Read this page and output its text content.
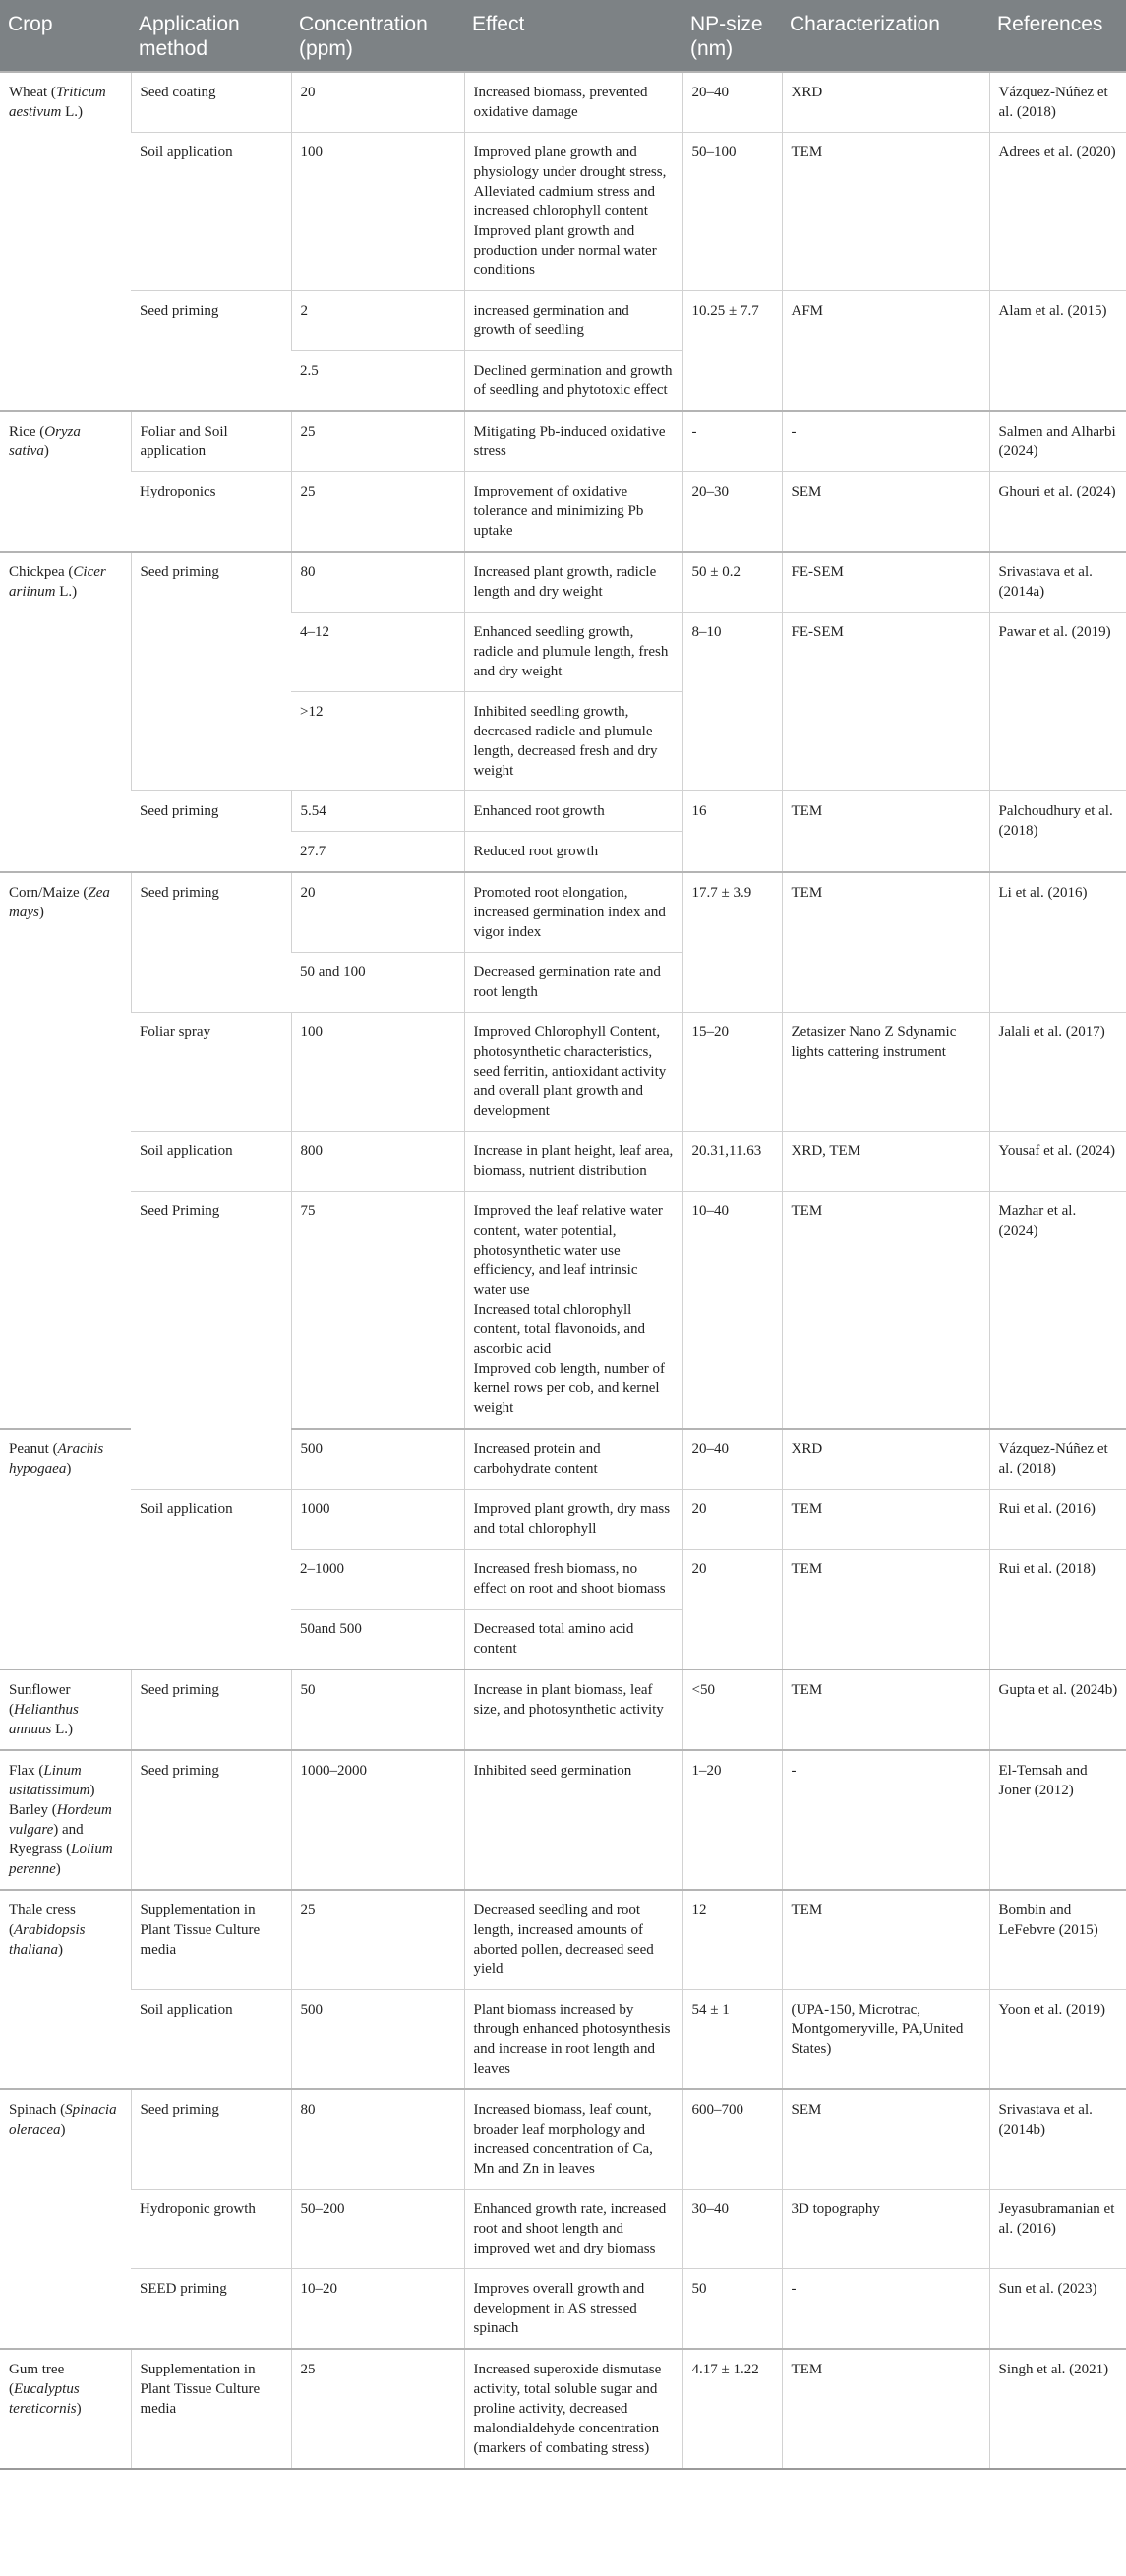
Crop	Application method	Concentration (ppm)	Effect	NP-size (nm)	Characterization	References
Wheat (Triticum aestivum L.)	Seed coating	20	Increased biomass, prevented oxidative damage	20–40	XRD	Vázquez-Núñez et al. (2018)
	Soil application	100	Improved plane growth and physiology under drought stress, Alleviated cadmium stress and increased chlorophyll content
Improved plant growth and production under normal water conditions	50–100	TEM	Adrees et al. (2020)
	Seed priming	2	increased germination and growth of seedling	10.25 ± 7.7	AFM	Alam et al. (2015)
		2.5	Declined germination and growth of seedling and phytotoxic effect			
Rice (Oryza sativa)	Foliar and Soil application	25	Mitigating Pb-induced oxidative stress	-	-	Salmen and Alharbi (2024)
	Hydroponics	25	Improvement of oxidative tolerance and minimizing Pb uptake	20–30	SEM	Ghouri et al. (2024)
Chickpea (Cicer ariinum L.)	Seed priming	80	Increased plant growth, radicle length and dry weight	50 ± 0.2	FE-SEM	Srivastava et al. (2014a)
		4–12	Enhanced seedling growth, radicle and plumule length, fresh and dry weight	8–10	FE-SEM	Pawar et al. (2019)
		>12	Inhibited seedling growth, decreased radicle and plumule length, decreased fresh and dry weight			
	Seed priming	5.54	Enhanced root growth	16	TEM	Palchoudhury et al. (2018)
		27.7	Reduced root growth			
Corn/Maize (Zea mays)	Seed priming	20	Promoted root elongation, increased germination index and vigor index	17.7 ± 3.9	TEM	Li et al. (2016)
		50 and 100	Decreased germination rate and root length			
	Foliar spray	100	Improved Chlorophyll Content, photosynthetic characteristics, seed ferritin, antioxidant activity and overall plant growth and development	15–20	Zetasizer Nano Z Sdynamic lights cattering instrument	Jalali et al. (2017)
	Soil application	800	Increase in plant height, leaf area, biomass, nutrient distribution	20.31,11.63	XRD, TEM	Yousaf et al. (2024)
	Seed Priming	75	Improved the leaf relative water content, water potential, photosynthetic water use efficiency, and leaf intrinsic water use
Increased total chlorophyll content, total flavonoids, and ascorbic acid
Improved cob length, number of kernel rows per cob, and kernel weight	10–40	TEM	Mazhar et al. (2024)
Peanut (Arachis hypogaea)		500	Increased protein and carbohydrate content	20–40	XRD	Vázquez-Núñez et al. (2018)
	Soil application	1000	Improved plant growth, dry mass and total chlorophyll	20	TEM	Rui et al. (2016)
		2–1000	Increased fresh biomass, no effect on root and shoot biomass	20	TEM	Rui et al. (2018)
		50and 500	Decreased total amino acid content			
Sunflower (Helianthus annuus L.)	Seed priming	50	Increase in plant biomass, leaf size, and photosynthetic activity	<50	TEM	Gupta et al. (2024b)
Flax (Linum usitatissimum) Barley (Hordeum vulgare) and Ryegrass (Lolium perenne)	Seed priming	1000–2000	Inhibited seed germination	1–20	-	El-Temsah and Joner (2012)
Thale cress (Arabidopsis thaliana)	Supplementation in Plant Tissue Culture media	25	Decreased seedling and root length, increased amounts of aborted pollen, decreased seed yield	12	TEM	Bombin and LeFebvre (2015)
	Soil application	500	Plant biomass increased by through enhanced photosynthesis and increase in root length and leaves	54 ± 1	(UPA-150, Microtrac, Montgomeryville, PA,United States)	Yoon et al. (2019)
Spinach (Spinacia oleracea)	Seed priming	80	Increased biomass, leaf count, broader leaf morphology and increased concentration of Ca, Mn and Zn in leaves	600–700	SEM	Srivastava et al. (2014b)
	Hydroponic growth	50–200	Enhanced growth rate, increased root and shoot length and improved wet and dry biomass	30–40	3D topography	Jeyasubramanian et al. (2016)
	SEED priming	10–20	Improves overall growth and development in AS stressed spinach	50	-	Sun et al. (2023)
Gum tree (Eucalyptus tereticornis)	Supplementation in Plant Tissue Culture media	25	Increased superoxide dismutase activity, total soluble sugar and proline activity, decreased malondialdehyde concentration (markers of combating stress)	4.17 ± 1.22	TEM	Singh et al. (2021)
